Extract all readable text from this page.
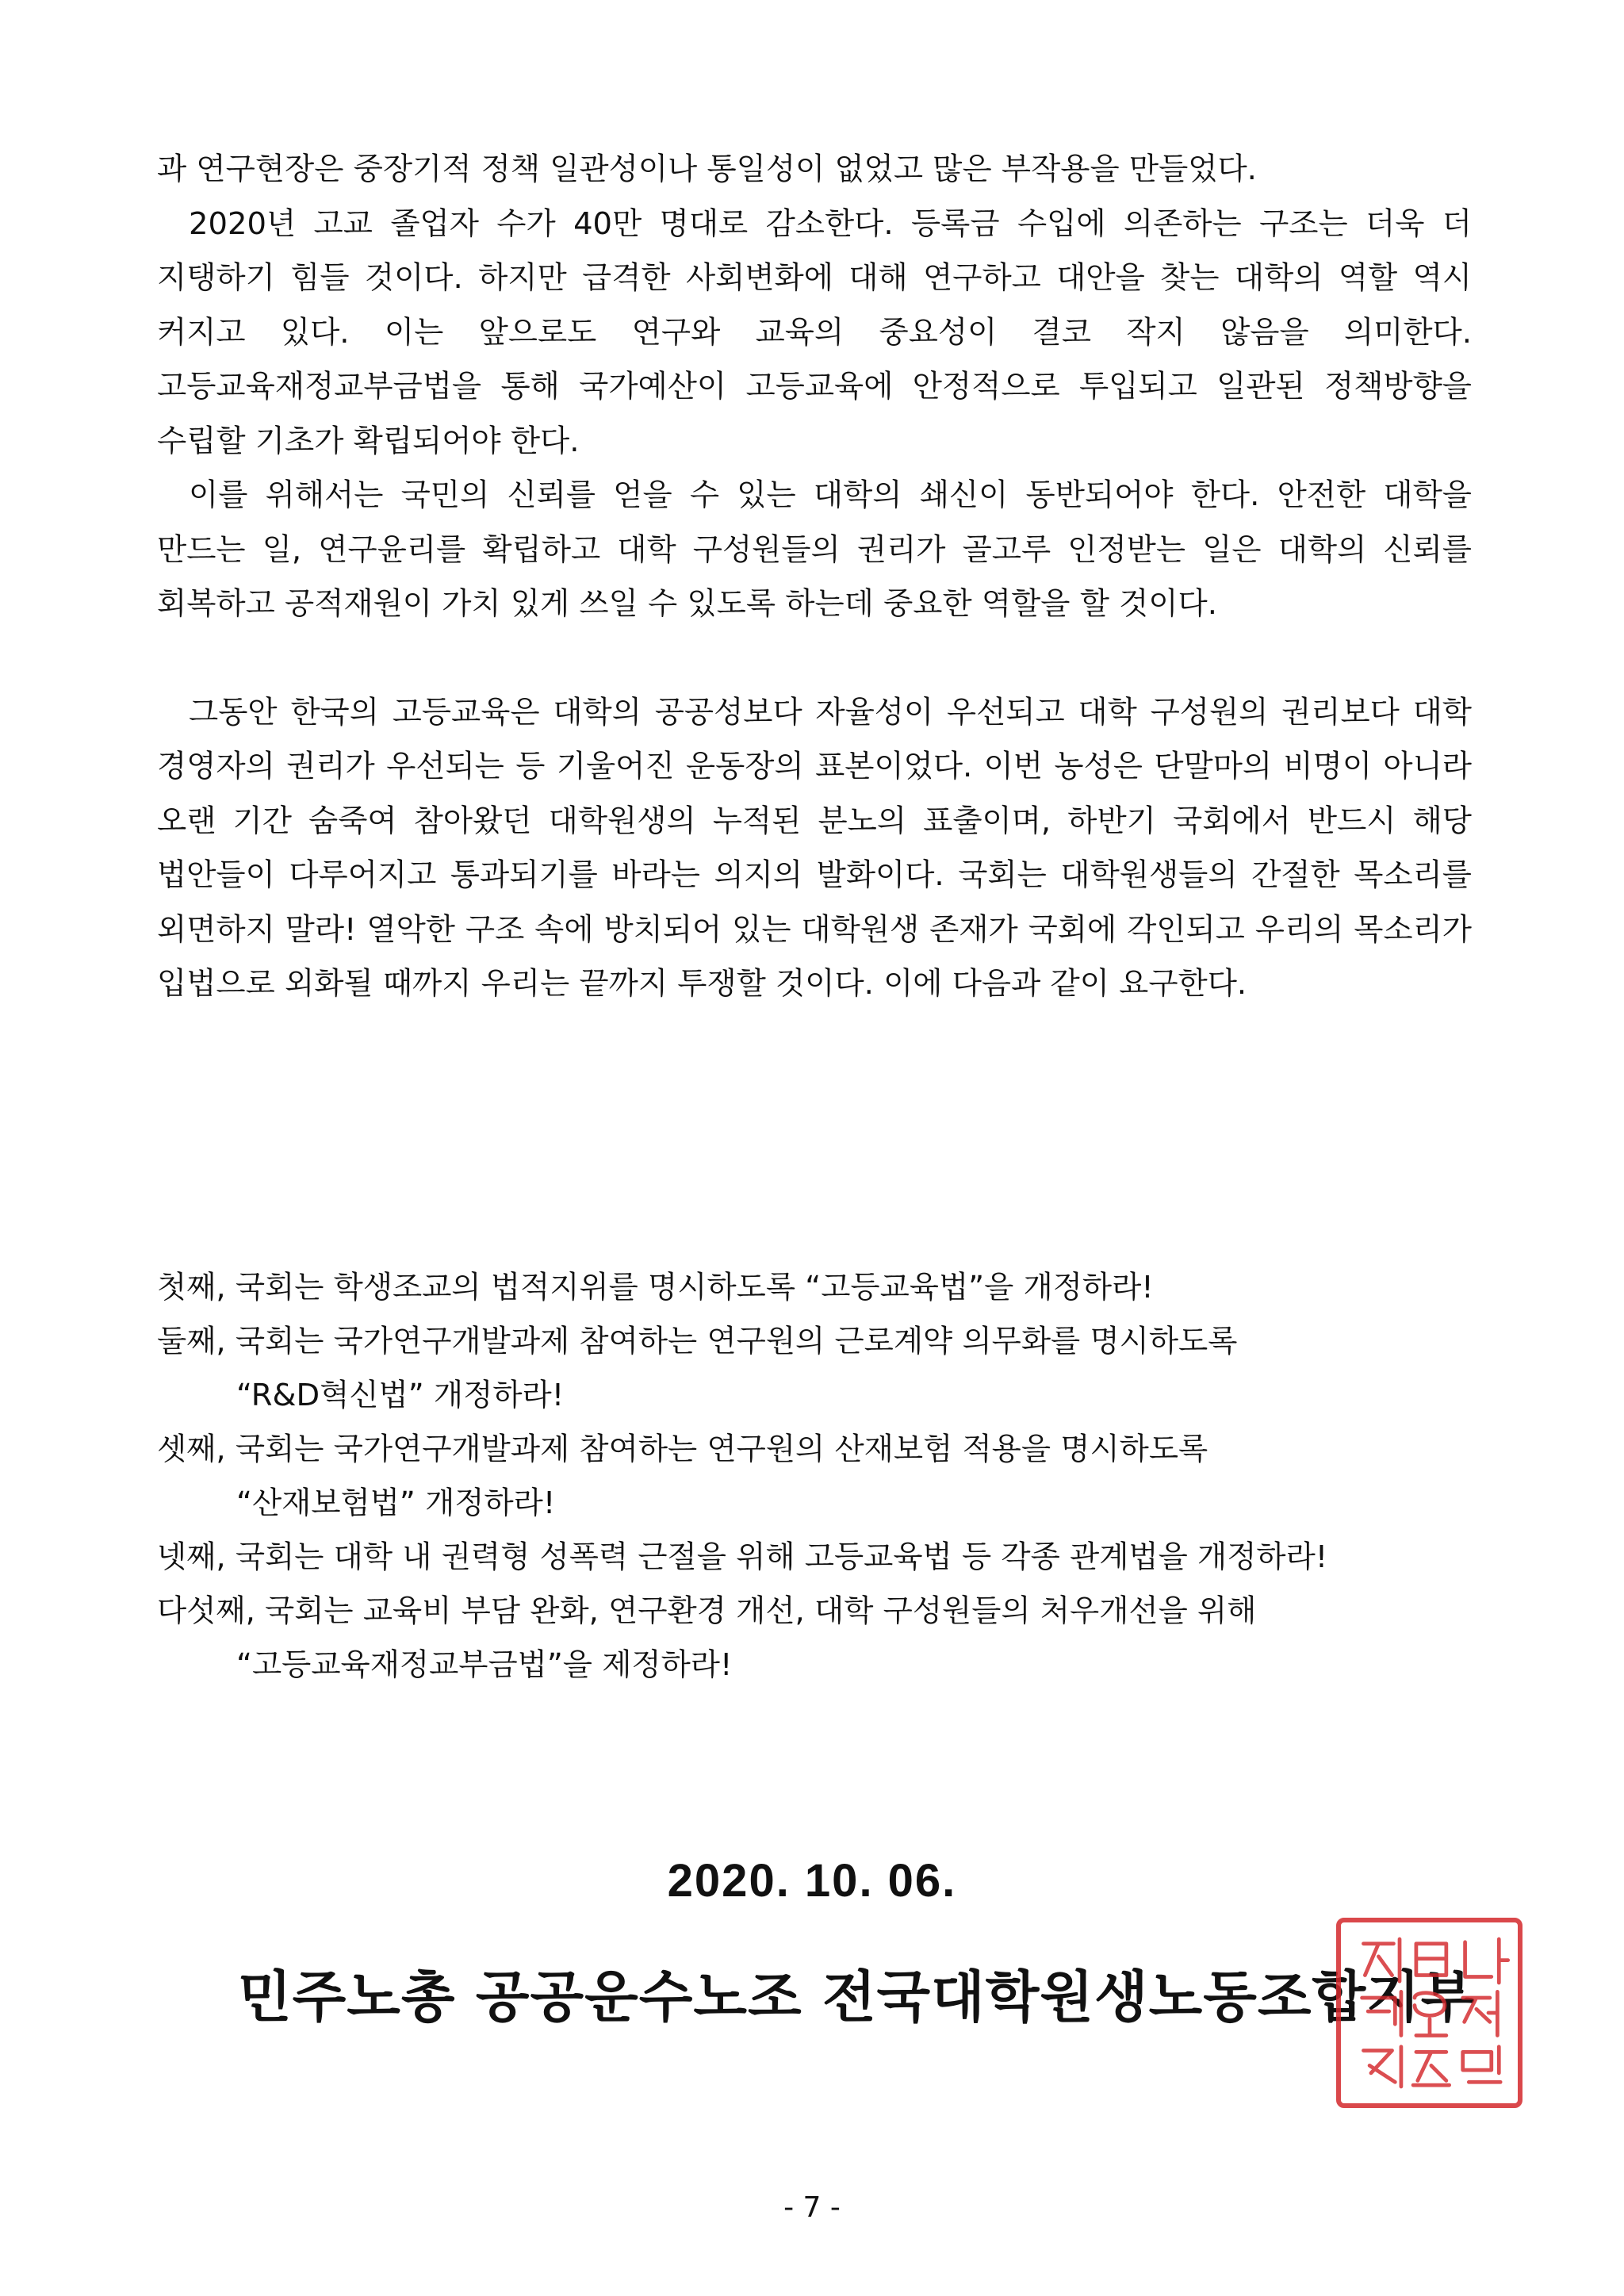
과 연구현장은 중장기적 정책 일관성이나 통일성이 없었고 많은 부작용을 만들었다.

2020년 고교 졸업자 수가 40만 명대로 감소한다. 등록금 수입에 의존하는 구조는 더욱 더 지탱하기 힘들 것이다. 하지만 급격한 사회변화에 대해 연구하고 대안을 찾는 대학의 역할 역시 커지고 있다. 이는 앞으로도 연구와 교육의 중요성이 결코 작지 않음을 의미한다. 고등교육재정교부금법을 통해 국가예산이 고등교육에 안정적으로 투입되고 일관된 정책방향을 수립할 기초가 확립되어야 한다.

이를 위해서는 국민의 신뢰를 얻을 수 있는 대학의 쇄신이 동반되어야 한다. 안전한 대학을 만드는 일, 연구윤리를 확립하고 대학 구성원들의 권리가 골고루 인정받는 일은 대학의 신뢰를 회복하고 공적재원이 가치 있게 쓰일 수 있도록 하는데 중요한 역할을 할 것이다.

그동안 한국의 고등교육은 대학의 공공성보다 자율성이 우선되고 대학 구성원의 권리보다 대학 경영자의 권리가 우선되는 등 기울어진 운동장의 표본이었다. 이번 농성은 단말마의 비명이 아니라 오랜 기간 숨죽여 참아왔던 대학원생의 누적된 분노의 표출이며, 하반기 국회에서 반드시 해당 법안들이 다루어지고 통과되기를 바라는 의지의 발화이다. 국회는 대학원생들의 간절한 목소리를 외면하지 말라! 열악한 구조 속에 방치되어 있는 대학원생 존재가 국회에 각인되고 우리의 목소리가 입법으로 외화될 때까지 우리는 끝까지 투쟁할 것이다. 이에 다음과 같이 요구한다.

첫째, 국회는 학생조교의 법적지위를 명시하도록 “고등교육법”을 개정하라!

둘째, 국회는 국가연구개발과제 참여하는 연구원의 근로계약 의무화를 명시하도록

“R&D혁신법” 개정하라!

셋째, 국회는 국가연구개발과제 참여하는 연구원의 산재보험 적용을 명시하도록

“산재보험법” 개정하라!

넷째, 국회는 대학 내 권력형 성폭력 근절을 위해 고등교육법 등 각종 관계법을 개정하라!

다섯째, 국회는 교육비 부담 완화, 연구환경 개선, 대학 구성원들의 처우개선을 위해

“고등교육재정교부금법”을 제정하라!

2020. 10. 06.
민주노총 공공운수노조 전국대학원생노동조합지부
- 7 -
